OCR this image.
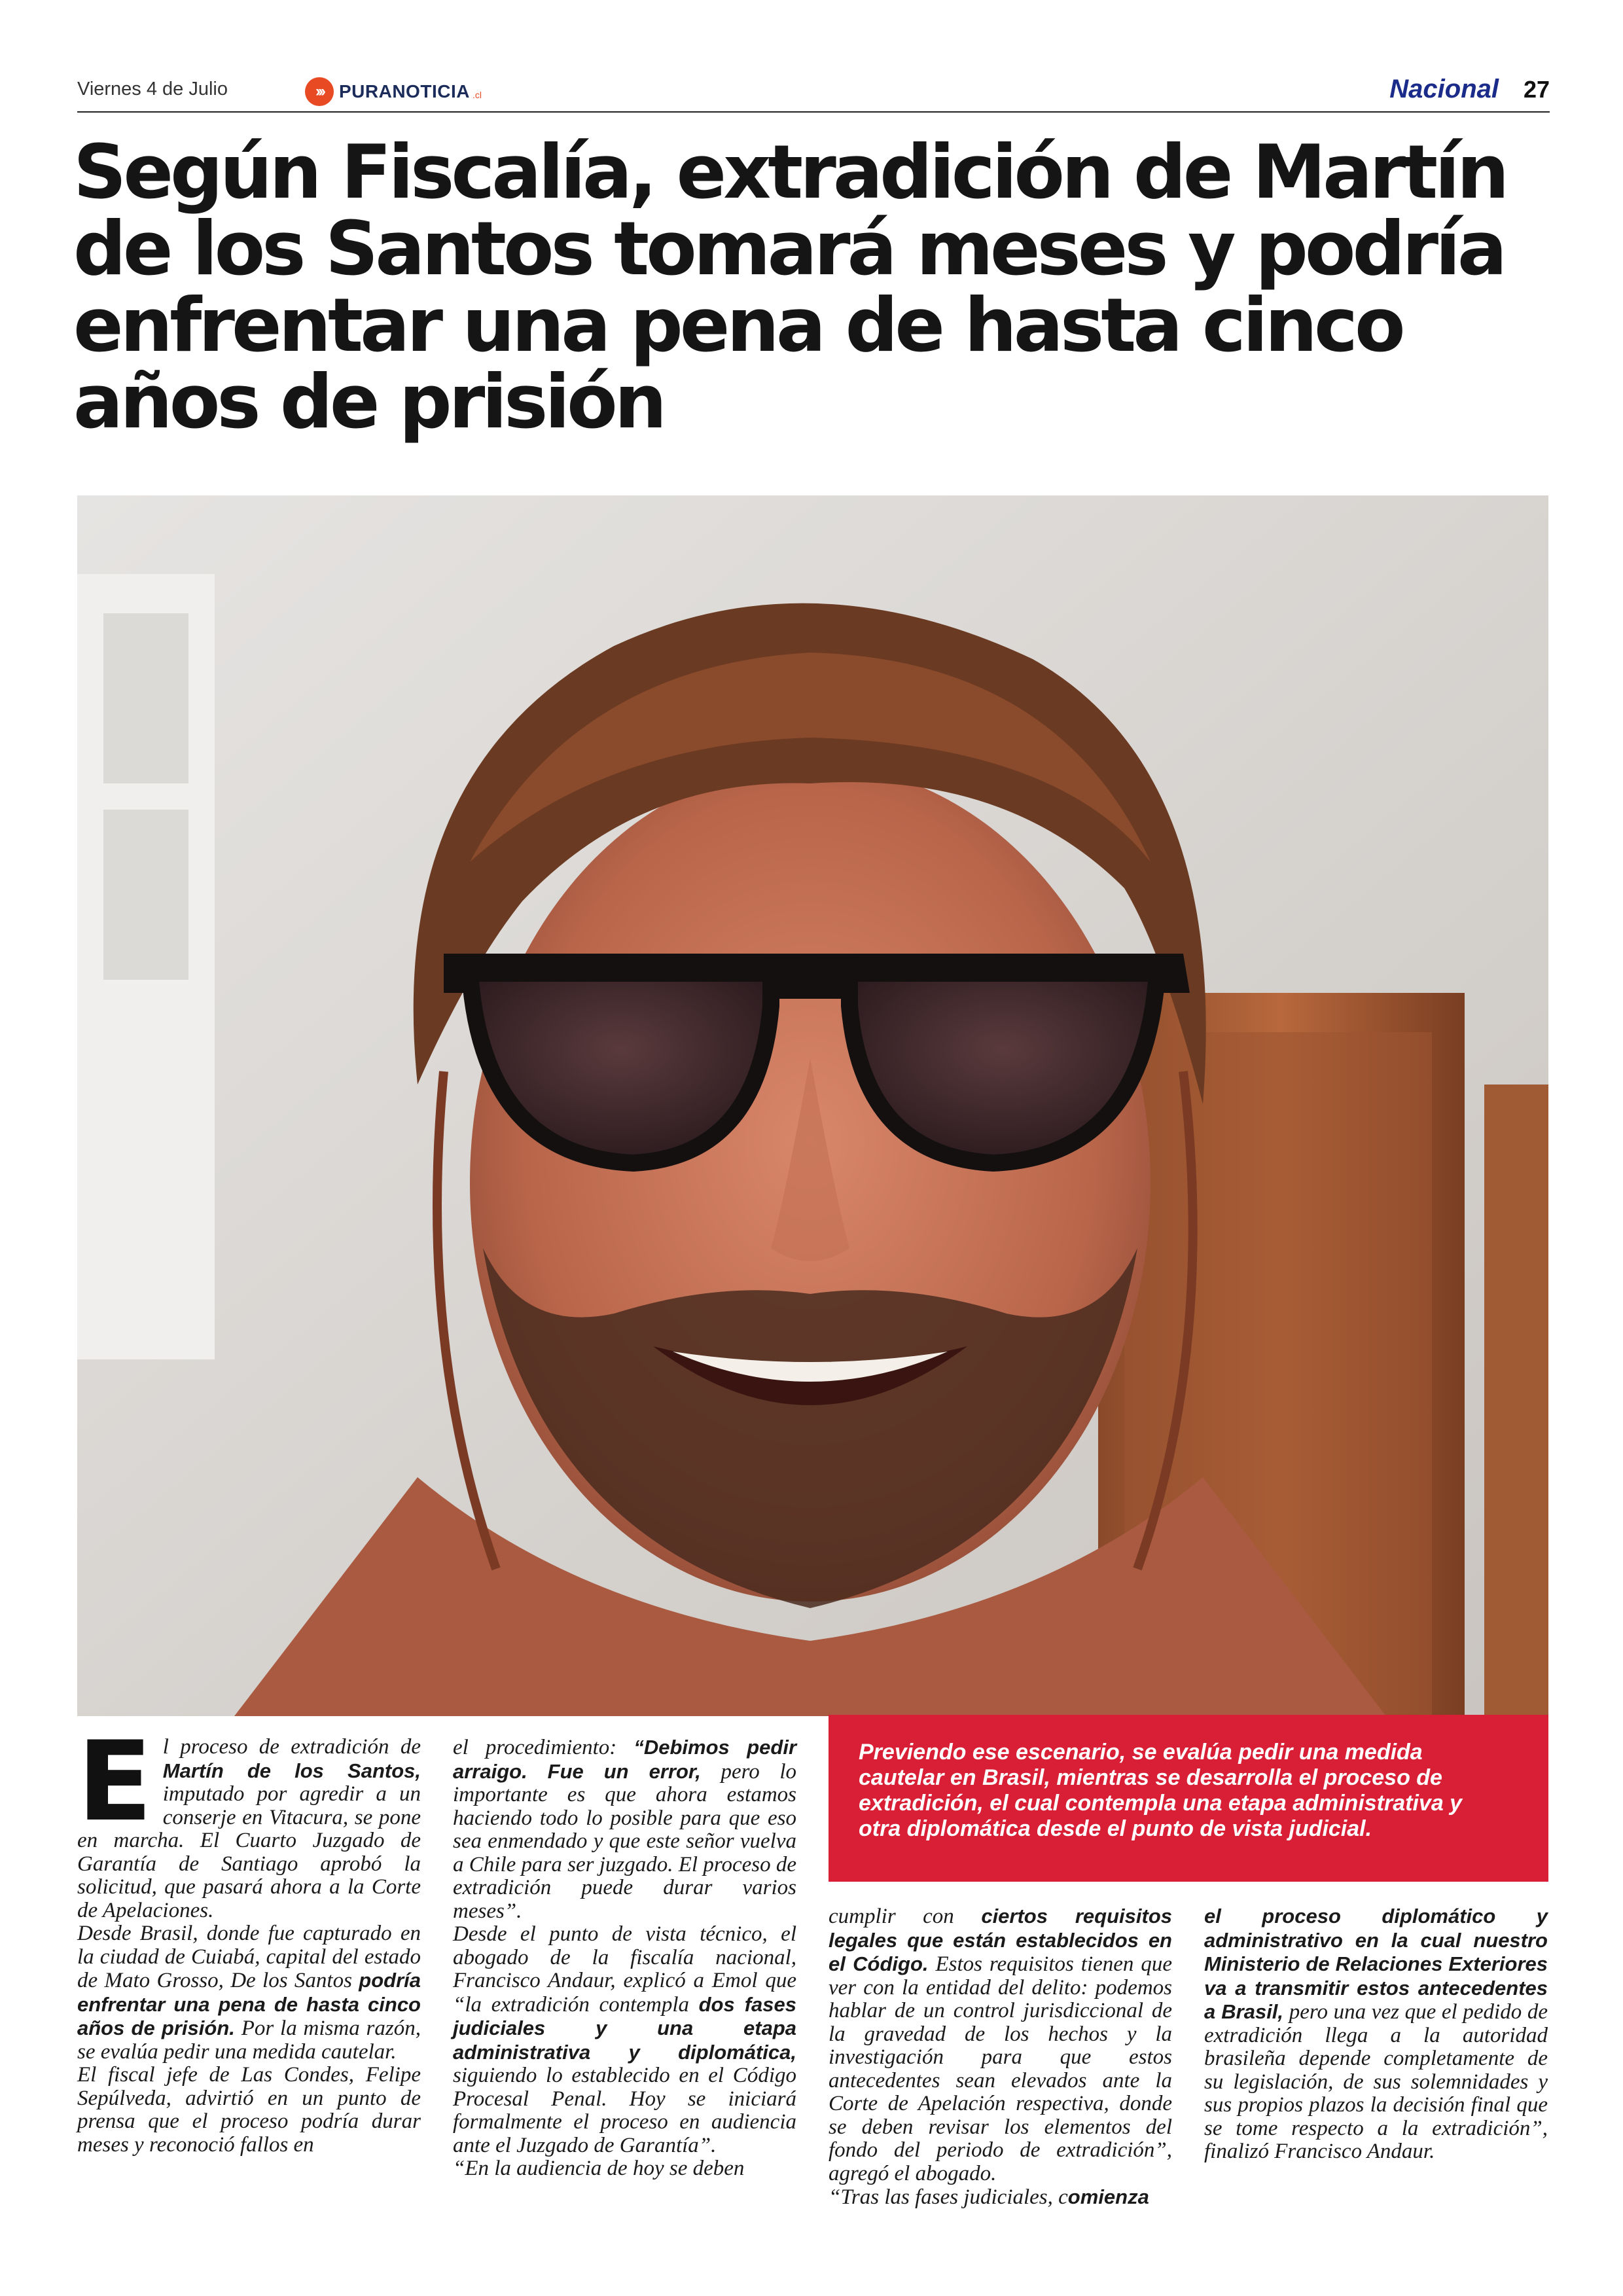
Viernes 4 de Julio	››› PURANOTICIA .cl	Nacional 27
Según Fiscalía, extradición de Martín de los Santos tomará meses y podría enfrentar una pena de hasta cinco años de prisión

El proceso de extradición de Martín de los Santos, imputado por agredir a un conserje en Vitacura, se pone en marcha. El Cuarto Juzgado de Garantía de Santiago aprobó la solicitud, que pasará ahora a la Corte de Apelaciones.

Desde Brasil, donde fue capturado en la ciudad de Cuiabá, capital del estado de Mato Grosso, De los Santos podría enfrentar una pena de hasta cinco años de prisión. Por la misma razón, se evalúa pedir una medida cautelar.

El fiscal jefe de Las Condes, Felipe Sepúlveda, advirtió en un punto de prensa que el proceso podría durar meses y reconoció fallos en

el procedimiento: “Debimos pedir arraigo. Fue un error, pero lo importante es que ahora estamos haciendo todo lo posible para que eso sea enmendado y que este señor vuelva a Chile para ser juzgado. El proceso de extradición puede durar varios meses”.

Desde el punto de vista técnico, el abogado de la fiscalía nacional, Francisco Andaur, explicó a Emol que “la extradición contempla dos fases judiciales y una etapa administrativa y diplomática, siguiendo lo establecido en el Código Procesal Penal. Hoy se iniciará formalmente el proceso en audiencia ante el Juzgado de Garantía”.

“En la audiencia de hoy se deben

Previendo ese escenario, se evalúa pedir una medida cautelar en Brasil, mientras se desarrolla el proceso de extradición, el cual contempla una etapa administrativa y otra diplomática desde el punto de vista judicial.

cumplir con ciertos requisitos legales que están establecidos en el Código. Estos requisitos tienen que ver con la entidad del delito: podemos hablar de un control jurisdiccional de la gravedad de los hechos y la investigación para que estos antecedentes sean elevados ante la Corte de Apelación respectiva, donde se deben revisar los elementos del fondo del periodo de extradición”, agregó el abogado.

“Tras las fases judiciales, comienza

el proceso diplomático y administrativo en la cual nuestro Ministerio de Relaciones Exteriores va a transmitir estos antecedentes a Brasil, pero una vez que el pedido de extradición llega a la autoridad brasileña depende completamente de su legislación, de sus solemnidades y sus propios plazos la decisión final que se tome respecto a la extradición”, finalizó Francisco Andaur.
